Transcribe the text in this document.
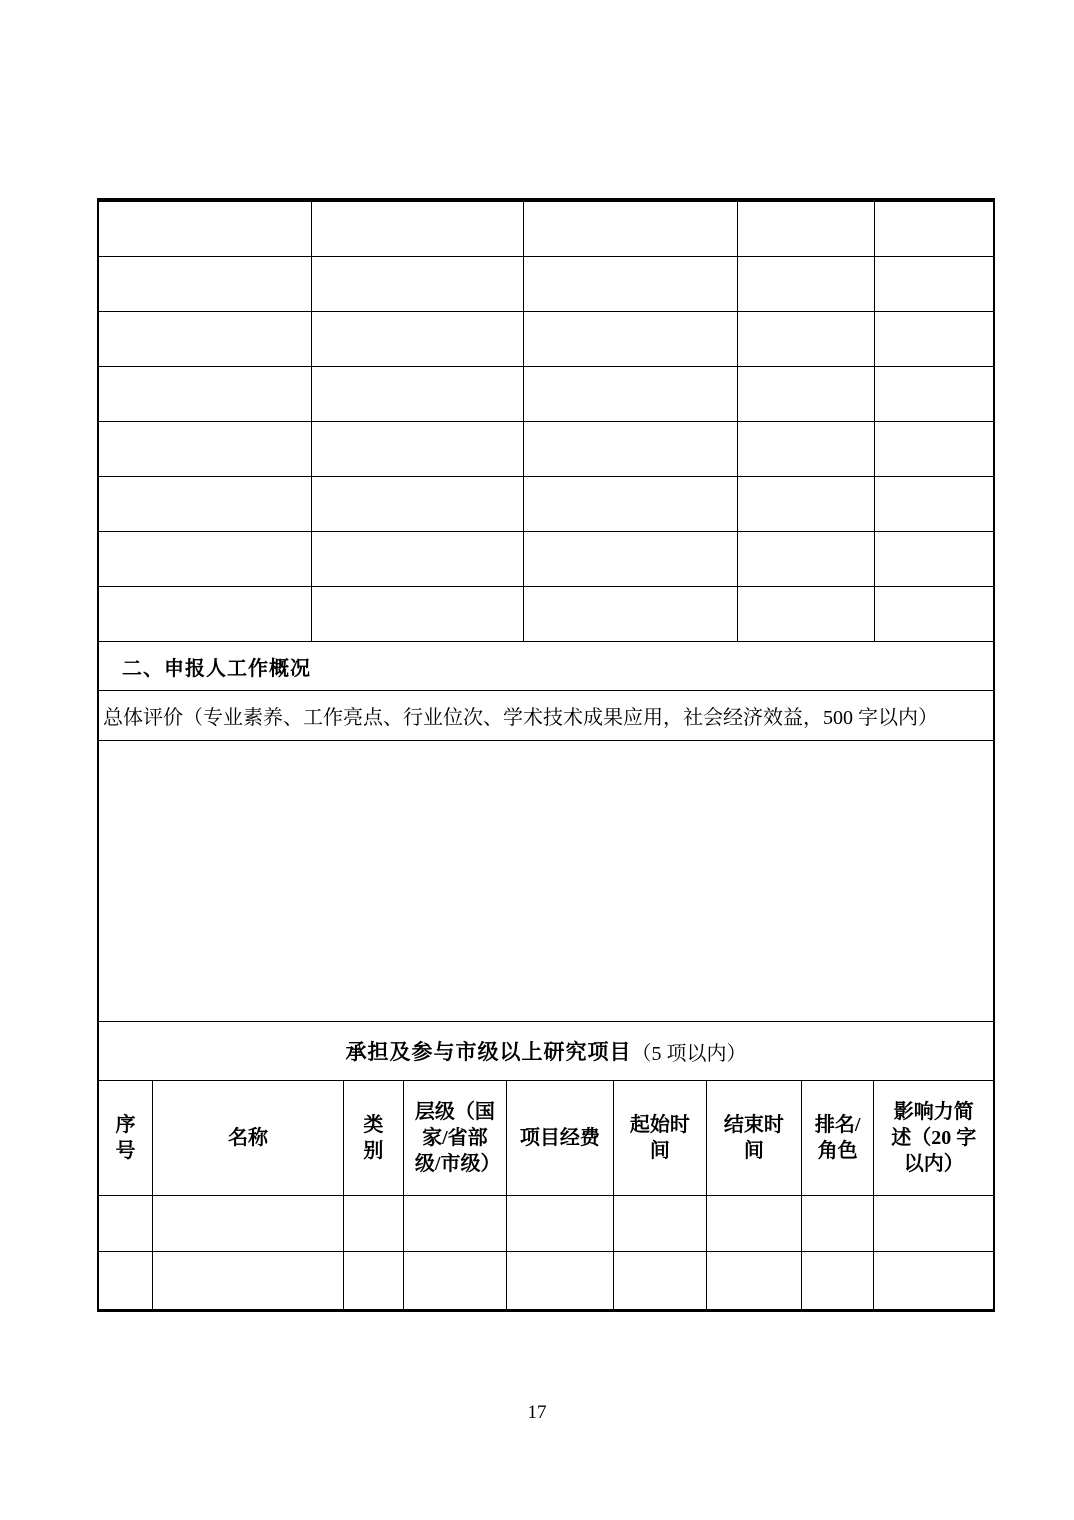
二、申报人工作概况
总体评价（专业素养、工作亮点、行业位次、学术技术成果应用，社会经济效益，500 字以内）
承担及参与市级以上研究项目 （5 项以内）
序号
名称
类别
层级（国家/省部级/市级）
项目经费
起始时间
结束时间
排名/角色
影响力简述（20 字以内）
17
